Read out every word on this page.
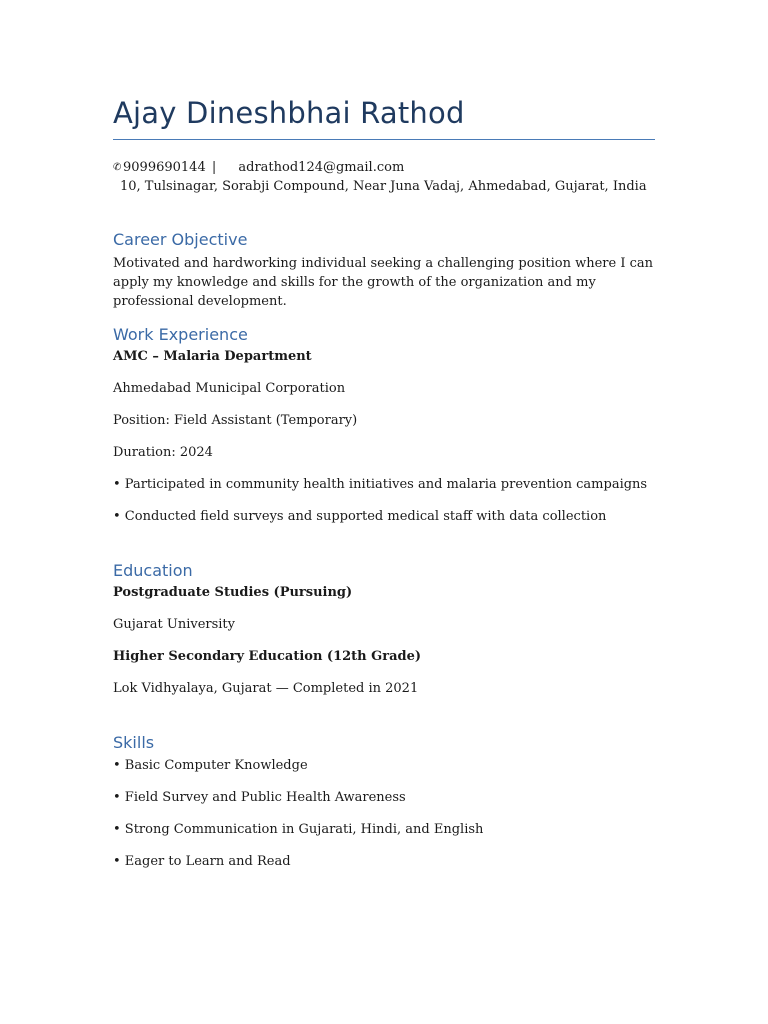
Ajay Dineshbhai Rathod
✆ 9099690144 | adrathod124@gmail.com
10, Tulsinagar, Sorabji Compound, Near Juna Vadaj, Ahmedabad, Gujarat, India
Career Objective
Motivated and hardworking individual seeking a challenging position where I can apply my knowledge and skills for the growth of the organization and my professional development.
Work Experience
AMC – Malaria Department
Ahmedabad Municipal Corporation
Position: Field Assistant (Temporary)
Duration: 2024
• Participated in community health initiatives and malaria prevention campaigns
• Conducted field surveys and supported medical staff with data collection
Education
Postgraduate Studies (Pursuing)
Gujarat University
Higher Secondary Education (12th Grade)
Lok Vidhyalaya, Gujarat — Completed in 2021
Skills
• Basic Computer Knowledge
• Field Survey and Public Health Awareness
• Strong Communication in Gujarati, Hindi, and English
• Eager to Learn and Read
